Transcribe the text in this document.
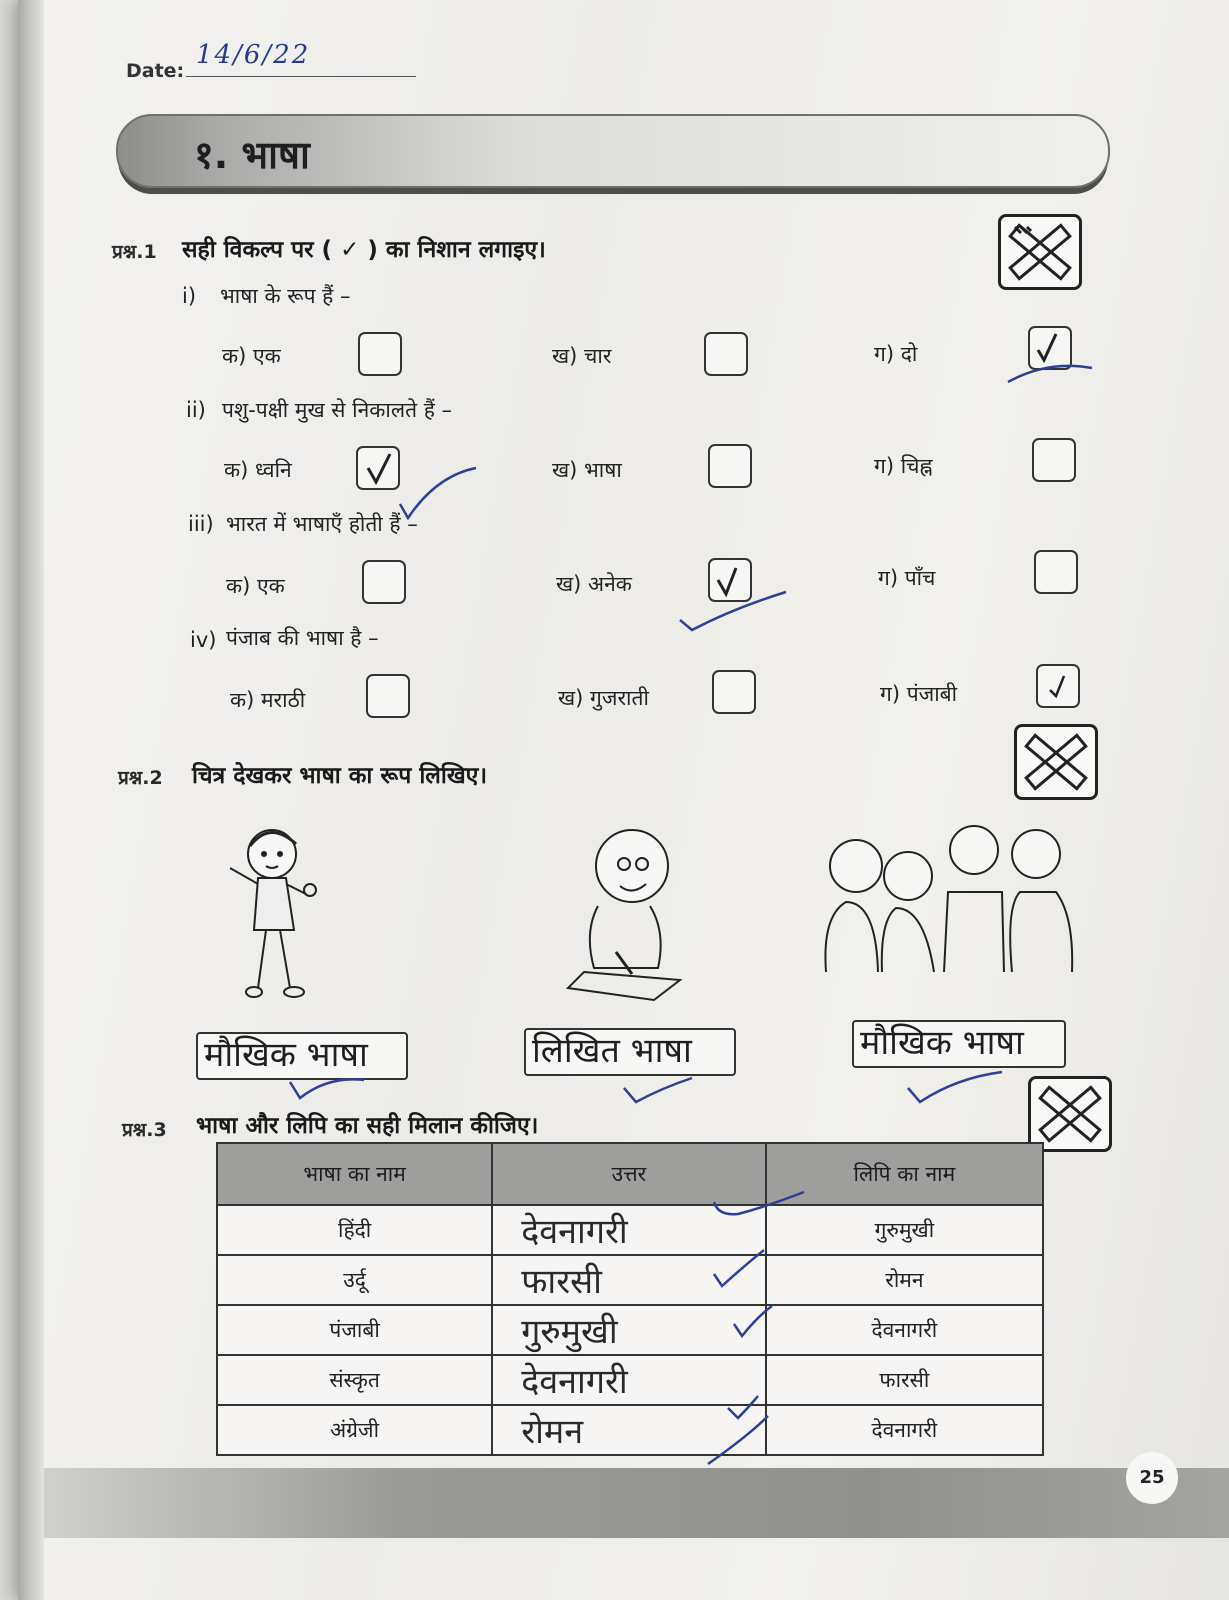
Date:
14/6/22
१. भाषा
प्रश्न.1 सही विकल्प पर ( ✓ ) का निशान लगाइए।
i) भाषा के रूप हैं –
क) एक	ख) चार	ग) दो
ii) पशु-पक्षी मुख से निकालते हैं –
क) ध्वनि	ख) भाषा	ग) चिह्न
iii) भारत में भाषाएँ होती हैं –
क) एक	ख) अनेक	ग) पाँच
iv) पंजाब की भाषा है –
क) मराठी	ख) गुजराती	ग) पंजाबी
प्रश्न.2 चित्र देखकर भाषा का रूप लिखिए।
मौखिक भाषा	लिखित भाषा	मौखिक भाषा
प्रश्न.3 भाषा और लिपि का सही मिलान कीजिए।
भाषा का नाम	उत्तर	लिपि का नाम
हिंदी	देवनागरी	गुरुमुखी
उर्दू	फारसी	रोमन
पंजाबी	गुरुमुखी	देवनागरी
संस्कृत	देवनागरी	फारसी
अंग्रेजी	रोमन	देवनागरी
25
